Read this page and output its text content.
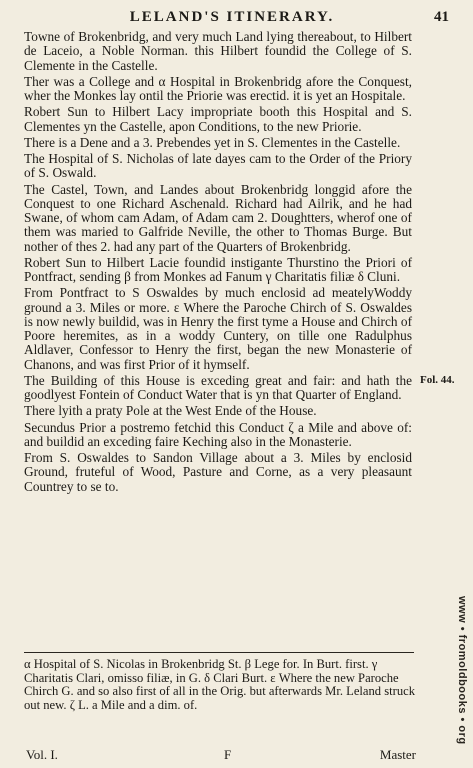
LELAND'S ITINERARY.	41

Towne of Brokenbridg, and very much Land lying thereabout, to Hilbert de Laceio, a Noble Norman. this Hilbert foundid the College of S. Clemente in the Castelle.

Ther was a College and α Hospital in Brokenbridg afore the Conquest, wher the Monkes lay ontil the Priorie was erectid. it is yet an Hospitale.

Robert Sun to Hilbert Lacy impropriate booth this Hospital and S. Clementes yn the Castelle, apon Conditions, to the new Priorie.

There is a Dene and a 3. Prebendes yet in S. Clementes in the Castelle.

The Hospital of S. Nicholas of late dayes cam to the Order of the Priory of S. Oswald.

The Castel, Town, and Landes about Brokenbridg longgid afore the Conquest to one Richard Aschenald. Richard had Ailrik, and he had Swane, of whom cam Adam, of Adam cam 2. Doughtters, wherof one of them was maried to Galfride Neville, the other to Thomas Burge. But nother of thes 2. had any part of the Quarters of Brokenbridg.

Robert Sun to Hilbert Lacie foundid instigante Thurstino the Priori of Pontfract, sending β from Monkes ad Fanum γ Charitatis filiæ δ Cluni.

From Pontfract to S Oswaldes by much enclosid ad meatelyWoddy ground a 3. Miles or more. ε Where the Paroche Chirch of S. Oswaldes is now newly buildid, was in Henry the first tyme a House and Chirch of Poore heremites, as in a woddy Cuntery, on tille one Radulphus Aldlaver, Confessor to Henry the first, began the new Monasterie of Chanons, and was first Prior of it hymself.

The Building of this House is exceding great and fair: and hath the goodlyest Fontein of Conduct Water that is yn that Quarter of England.

There lyith a praty Pole at the West Ende of the House.

Secundus Prior a postremo fetchid this Conduct ζ a Mile and above of: and buildid an exceding faire Keching also in the Monasterie.

From S. Oswaldes to Sandon Village about a 3. Miles by enclosid Ground, fruteful of Wood, Pasture and Corne, as a very pleasaunt Countrey to se to.

Fol. 44.

α Hospital of S. Nicolas in Brokenbridg St. β Lege for. In Burt. first. γ Charitatis Clari, omisso filiæ, in G. δ Clari Burt. ε Where the new Paroche Chirch G. and so also first of all in the Orig. but afterwards Mr. Leland struck out new. ζ L. a Mile and a dim. of.

Vol. I.	F	Master
www • fromoldbooks • org
